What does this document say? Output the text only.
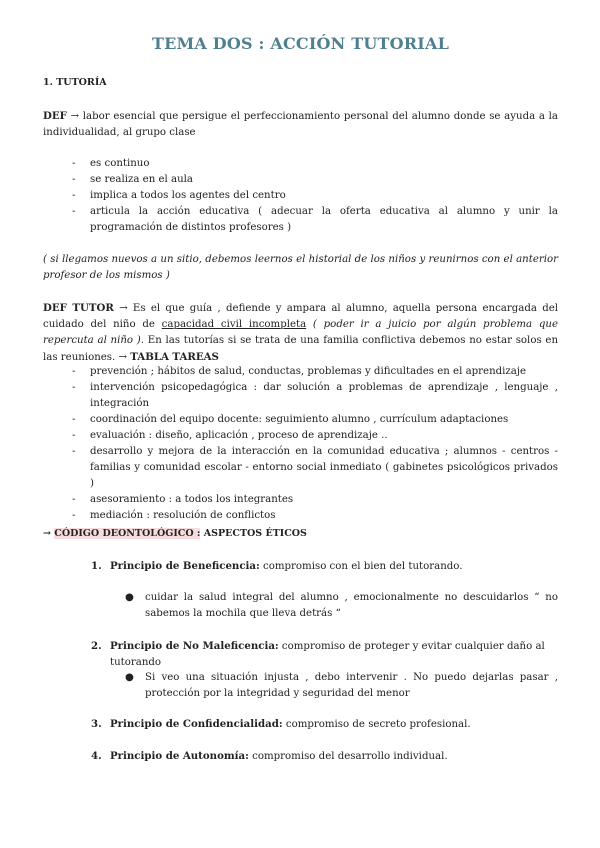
TEMA DOS : ACCIÓN TUTORIAL
1. TUTORÍA
DEF → labor esencial que persigue el perfeccionamiento personal del alumno donde se ayuda a la individualidad, al grupo clase
- es continuo
- se realiza en el aula
- implica a todos los agentes del centro
- articula la acción educativa ( adecuar la oferta educativa al alumno y unir la programación de distintos profesores )
( si llegamos nuevos a un sitio, debemos leernos el historial de los niños y reunirnos con el anterior profesor de los mismos )
DEF TUTOR → Es el que guía , defiende y ampara al alumno, aquella persona encargada del cuidado del niño de capacidad civil incompleta ( poder ir a juicio por algún problema que repercuta al niño ). En las tutorías si se trata de una familia conflictiva debemos no estar solos en las reuniones. → TABLA TAREAS
- prevención ; hábitos de salud, conductas, problemas y dificultades en el aprendizaje
- intervención psicopedagógica : dar solución a problemas de aprendizaje , lenguaje , integración
- coordinación del equipo docente: seguimiento alumno , currículum adaptaciones
- evaluación : diseño, aplicación , proceso de aprendizaje ..
- desarrollo y mejora de la interacción en la comunidad educativa ; alumnos - centros - familias y comunidad escolar - entorno social inmediato ( gabinetes psicológicos privados )
- asesoramiento : a todos los integrantes
- mediación : resolución de conflictos
→ CÓDIGO DEONTOLÓGICO : ASPECTOS ÉTICOS
1. Principio de Beneficencia: compromiso con el bien del tutorando.
● cuidar la salud integral del alumno , emocionalmente no descuidarlos “ no sabemos la mochila que lleva detrás “
2. Principio de No Maleficencia: compromiso de proteger y evitar cualquier daño al tutorando
● Si veo una situación injusta , debo intervenir . No puedo dejarlas pasar , protección por la integridad y seguridad del menor
3. Principio de Confidencialidad: compromiso de secreto profesional.
4. Principio de Autonomía: compromiso del desarrollo individual.
